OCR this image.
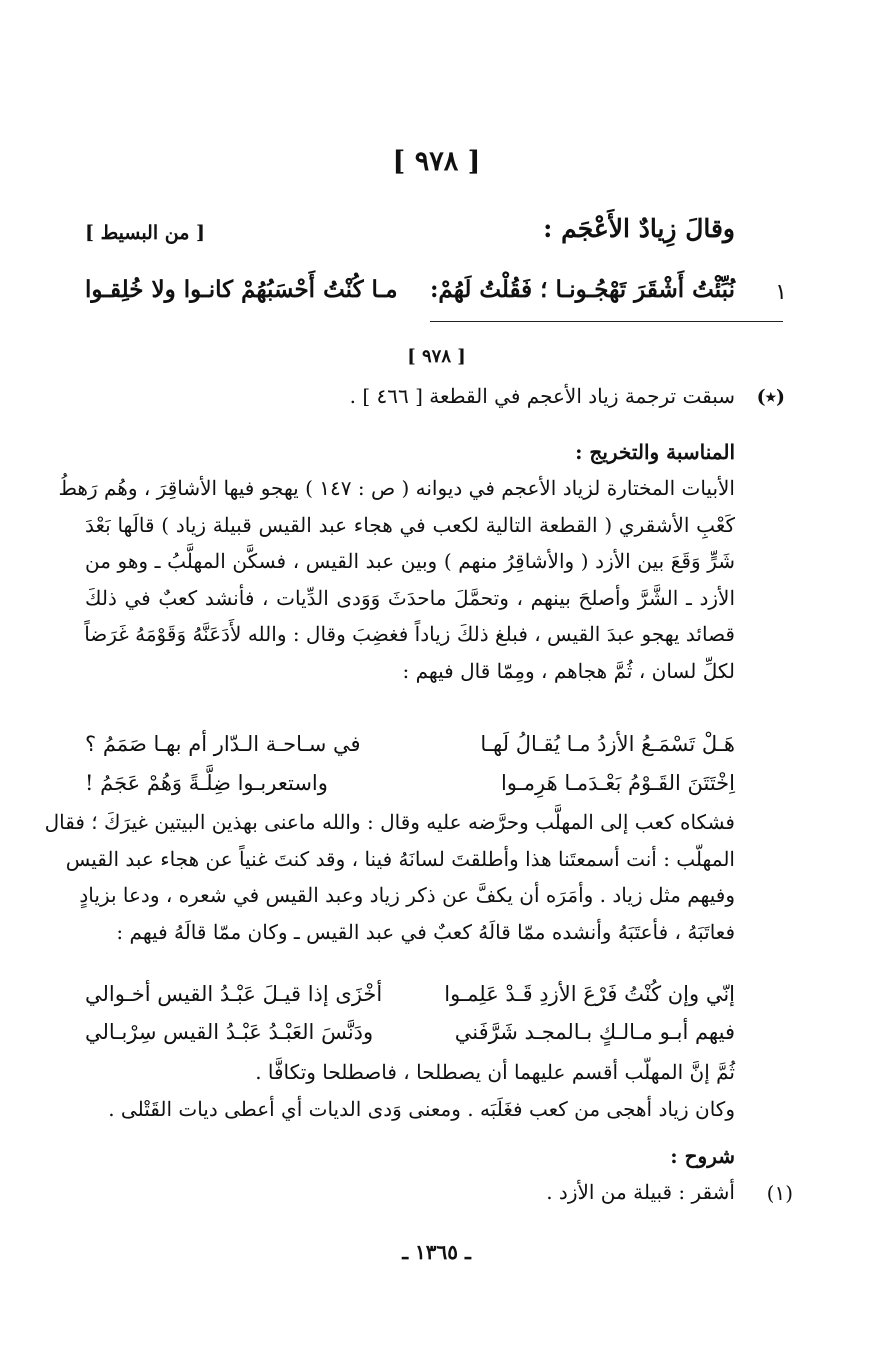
[ ٩٧٨ ]
وقالَ زِيادٌ الأَعْجَم :
[ من البسيط ]
١
نُبِّئْتُ أَشْقَرَ تَهْجُـونـا ؛ فَقُلْتُ لَهُمْ:
مـا كُنْتُ أَحْسَبُهُمْ كانـوا ولا خُلِقـوا
[ ٩٧٨ ]
(٭)
سبقت ترجمة زياد الأعجم في القطعة [ ٤٦٦ ] .
المناسبة والتخريج :
الأبيات المختارة لزياد الأعجم في ديوانه ( ص : ١٤٧ ) يهجو فيها الأشاقِرَ ، وهُم رَهطُ
كَعْبِ الأشقري ( القطعة التالية لكعب في هجاء عبد القيس قبيلة زياد ) قالَها بَعْدَ
شَرٍّ وَقَعَ بين الأزد ( والأشاقِرُ منهم ) وبين عبد القيس ، فسكَّن المهلَّبُ ـ وهو من
الأزد ـ الشَّرَّ وأصلحَ بينهم ، وتحمَّلَ ماحدَثَ وَوَدى الدِّيات ، فأنشد كعبٌ في ذلكَ
قصائد يهجو عبدَ القيس ، فبلغ ذلكَ زياداً فغضِبَ وقال : والله لأَدَعَنَّهُ وَقَوْمَهُ غَرَضاً
لكلِّ لسان ، ثُمَّ هجاهم ، ومِمّا قال فيهم :
هَـلْ تَسْمَـعُ الأزدُ مـا يُقـالُ لَهـا
في سـاحـة الـدّار أم بهـا صَمَمُ ؟
اِخْتَتَنَ القَـوْمُ بَعْـدَمـا هَرِمـوا
واستعربـوا ضِلَّـةً وَهُمْ عَجَمُ !
فشكاه كعب إلى المهلَّب وحرَّضه عليه وقال : والله ماعنى بهذين البيتين غيرَكَ ؛ فقال
المهلّب : أنت أسمعتَنا هذا وأطلقتَ لسانَهُ فينا ، وقد كنتَ غنياً عن هجاء عبد القيس
وفيهم مثل زياد . وأمَرَه أن يكفَّ عن ذكر زياد وعبد القيس في شعره ، ودعا بزيادٍ
فعاتَبَهُ ، فأعتَبَهُ وأنشده ممّا قالَهُ كعبٌ في عبد القيس ـ وكان ممّا قالَهُ فيهم :
إنّي وإن كُنْتُ فَرْعَ الأزدِ قَـدْ عَلِمـوا
أخْزَى إذا قيـلَ عَبْـدُ القيس أخـوالي
فيهم أبـو مـالـكٍ بـالمجـد شَرَّفَني
ودَنَّسَ العَبْـدُ عَبْـدُ القيس سِرْبـالي
ثُمَّ إنَّ المهلّب أقسم عليهما أن يصطلحا ، فاصطلحا وتكافَّا .
وكان زياد أهجى من كعب فغَلَبَه . ومعنى وَدى الديات أي أعطى ديات القَتْلى .
شروح :
(١)
أشقر : قبيلة من الأزد .
ـ ١٣٦٥ ـ
